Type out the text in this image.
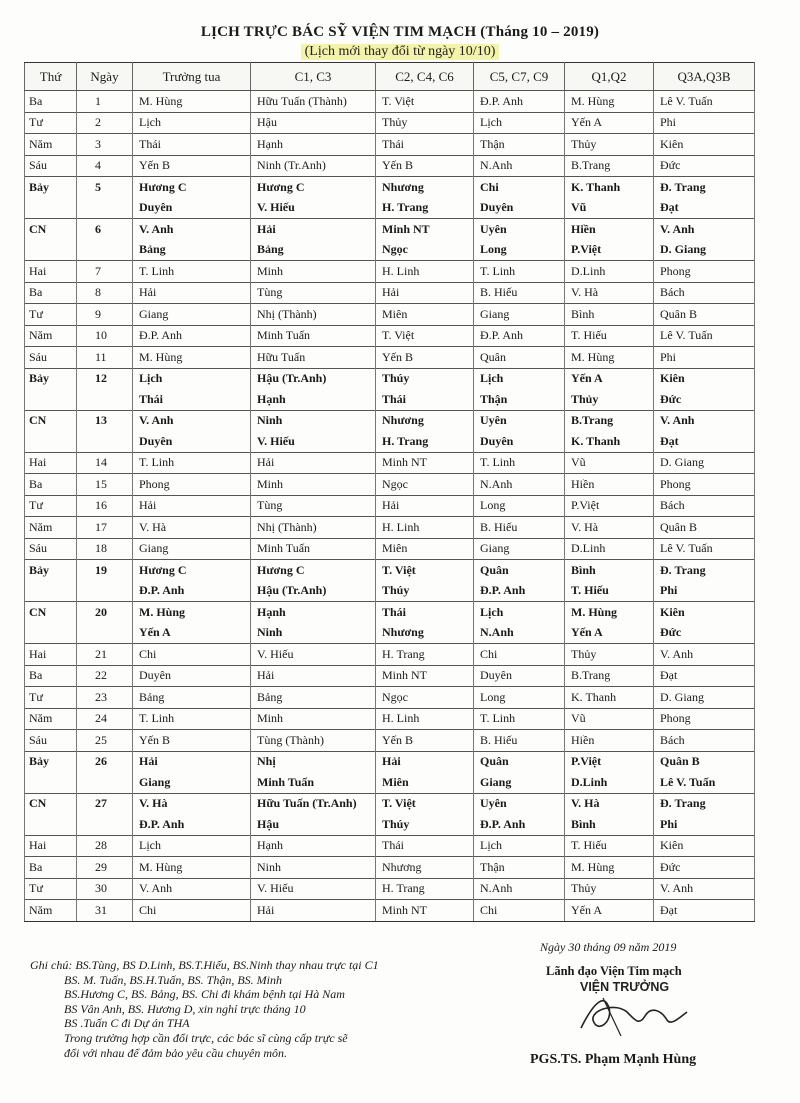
LỊCH TRỰC BÁC SỸ VIỆN TIM MẠCH (Tháng 10 – 2019)
(Lịch mới thay đổi từ ngày 10/10)
Thứ	Ngày	Trưởng tua	C1, C3	C2, C4, C6	C5, C7, C9	Q1,Q2	Q3A,Q3B
Ba	1	M. Hùng	Hữu Tuấn (Thành)	T. Việt	Đ.P. Anh	M. Hùng	Lê V. Tuấn
Tư	2	Lịch	Hậu	Thủy	Lịch	Yến A	Phi
Năm	3	Thái	Hạnh	Thái	Thận	Thủy	Kiên
Sáu	4	Yến B	Ninh (Tr.Anh)	Yến B	N.Anh	B.Trang	Đức
Bảy	5	Hương C	Hương C	Nhương	Chi	K. Thanh	Đ. Trang
		Duyên	V. Hiếu	H. Trang	Duyên	Vũ	Đạt
CN	6	V. Anh	Hải	Minh NT	Uyên	Hiền	V. Anh
		Bảng	Bảng	Ngọc	Long	P.Việt	D. Giang
Hai	7	T. Linh	Minh	H. Linh	T. Linh	D.Linh	Phong
Ba	8	Hải	Tùng	Hải	B. Hiếu	V. Hà	Bách
Tư	9	Giang	Nhị (Thành)	Miên	Giang	Bình	Quân B
Năm	10	Đ.P. Anh	Minh Tuấn	T. Việt	Đ.P. Anh	T. Hiếu	Lê V. Tuấn
Sáu	11	M. Hùng	Hữu Tuấn	Yến B	Quân	M. Hùng	Phi
Bảy	12	Lịch	Hậu (Tr.Anh)	Thúy	Lịch	Yến A	Kiên
		Thái	Hạnh	Thái	Thận	Thủy	Đức
CN	13	V. Anh	Ninh	Nhương	Uyên	B.Trang	V. Anh
		Duyên	V. Hiếu	H. Trang	Duyên	K. Thanh	Đạt
Hai	14	T. Linh	Hải	Minh NT	T. Linh	Vũ	D. Giang
Ba	15	Phong	Minh	Ngọc	N.Anh	Hiền	Phong
Tư	16	Hải	Tùng	Hải	Long	P.Việt	Bách
Năm	17	V. Hà	Nhị (Thành)	H. Linh	B. Hiếu	V. Hà	Quân B
Sáu	18	Giang	Minh Tuấn	Miên	Giang	D.Linh	Lê V. Tuấn
Bảy	19	Hương C	Hương C	T. Việt	Quân	Bình	Đ. Trang
		Đ.P. Anh	Hậu (Tr.Anh)	Thúy	Đ.P. Anh	T. Hiếu	Phi
CN	20	M. Hùng	Hạnh	Thái	Lịch	M. Hùng	Kiên
		Yến A	Ninh	Nhương	N.Anh	Yến A	Đức
Hai	21	Chi	V. Hiếu	H. Trang	Chi	Thủy	V. Anh
Ba	22	Duyên	Hải	Minh NT	Duyên	B.Trang	Đạt
Tư	23	Bảng	Bảng	Ngọc	Long	K. Thanh	D. Giang
Năm	24	T. Linh	Minh	H. Linh	T. Linh	Vũ	Phong
Sáu	25	Yến B	Tùng (Thành)	Yến B	B. Hiếu	Hiền	Bách
Bảy	26	Hải	Nhị	Hải	Quân	P.Việt	Quân B
		Giang	Minh Tuấn	Miên	Giang	D.Linh	Lê V. Tuấn
CN	27	V. Hà	Hữu Tuấn (Tr.Anh)	T. Việt	Uyên	V. Hà	Đ. Trang
		Đ.P. Anh	Hậu	Thúy	Đ.P. Anh	Bình	Phi
Hai	28	Lịch	Hạnh	Thái	Lịch	T. Hiếu	Kiên
Ba	29	M. Hùng	Ninh	Nhương	Thận	M. Hùng	Đức
Tư	30	V. Anh	V. Hiếu	H. Trang	N.Anh	Thủy	V. Anh
Năm	31	Chi	Hải	Minh NT	Chi	Yến A	Đạt
Ghi chú: BS.Tùng, BS D.Linh, BS.T.Hiếu, BS.Ninh thay nhau trực tại C1
BS. M. Tuấn, BS.H.Tuấn, BS. Thận, BS. Minh
BS.Hương C, BS. Bảng, BS. Chi đi khám bệnh tại Hà Nam
BS Vân Anh, BS. Hương D, xin nghỉ trực tháng 10
BS .Tuấn C đi Dự án THA
Trong trường hợp cần đổi trực, các bác sĩ cùng cấp trực sẽ
đổi với nhau để đảm bảo yêu cầu chuyên môn.
Ngày 30 tháng 09 năm 2019
Lãnh đạo Viện Tim mạch
VIỆN TRƯỞNG
PGS.TS. Phạm Mạnh Hùng
